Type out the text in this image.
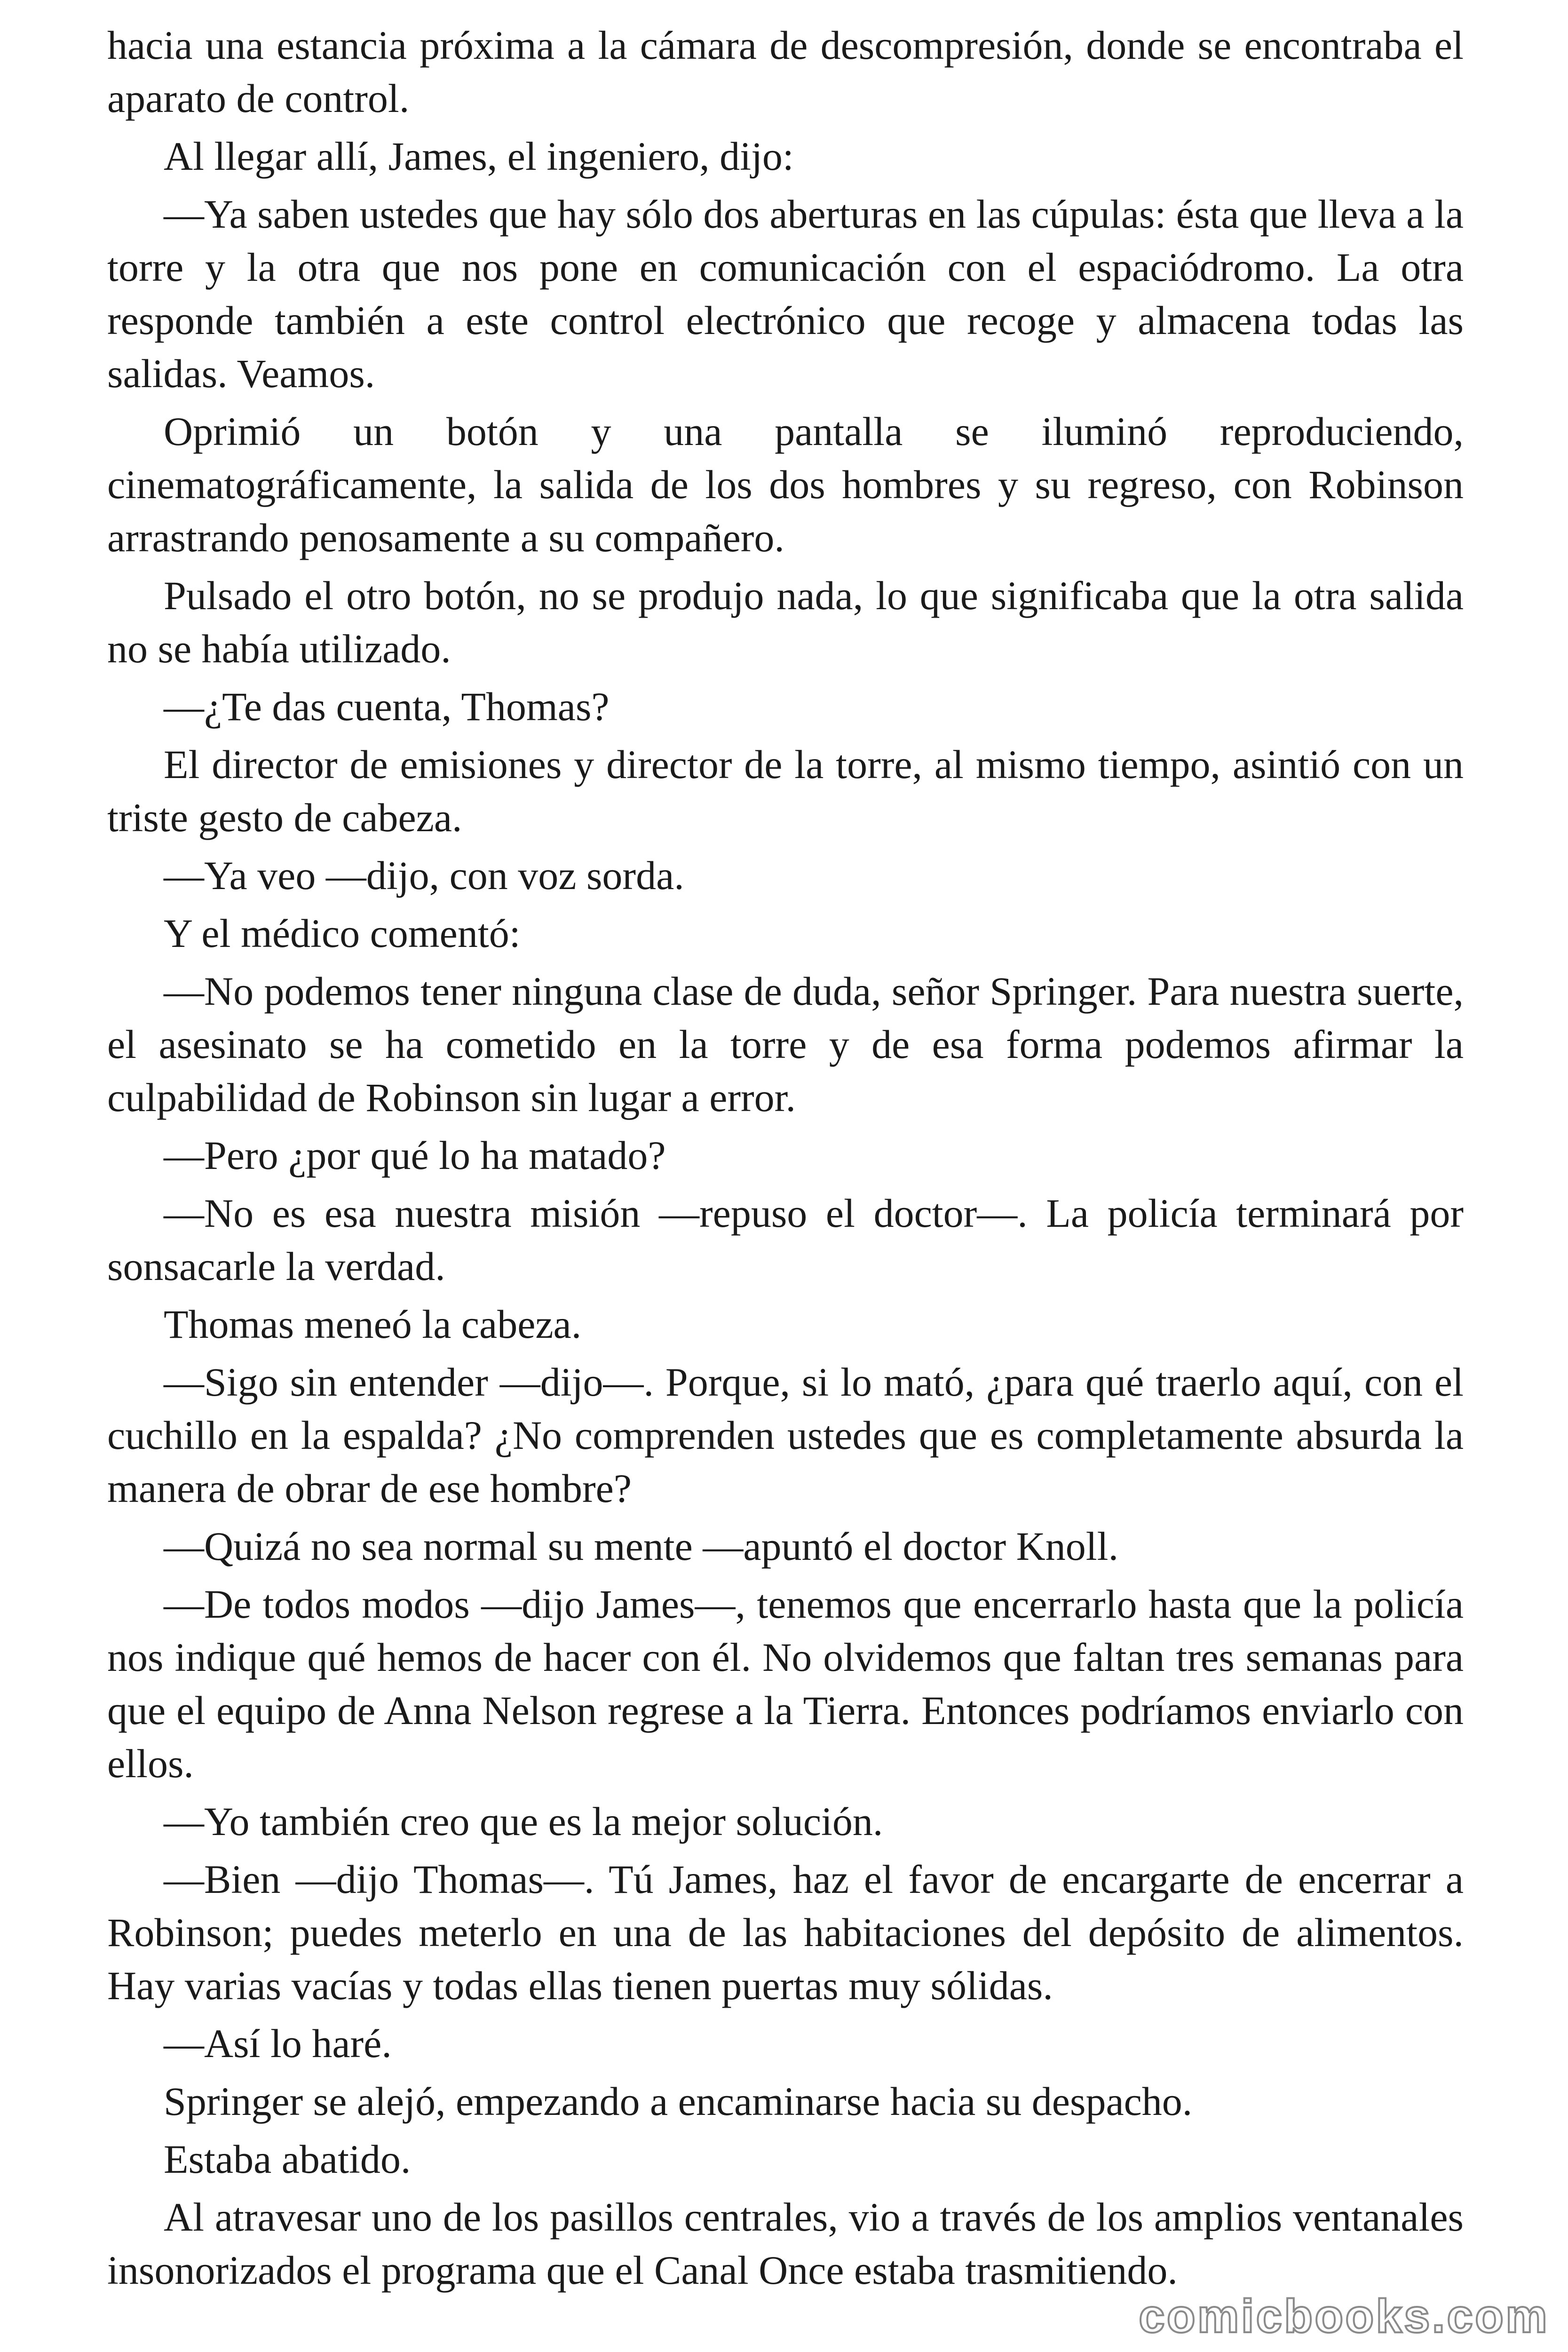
hacia una estancia próxima a la cámara de descompresión, donde se encontraba el aparato de control.

Al llegar allí, James, el ingeniero, dijo:

—Ya saben ustedes que hay sólo dos aberturas en las cúpulas: ésta que lleva a la torre y la otra que nos pone en comunicación con el espaciódromo. La otra responde también a este control electrónico que recoge y almacena todas las salidas. Veamos.

Oprimió un botón y una pantalla se iluminó reproduciendo, cinematográficamente, la salida de los dos hombres y su regreso, con Robinson arrastrando penosamente a su compañero.

Pulsado el otro botón, no se produjo nada, lo que significaba que la otra salida no se había utilizado.

—¿Te das cuenta, Thomas?

El director de emisiones y director de la torre, al mismo tiempo, asintió con un triste gesto de cabeza.

—Ya veo —dijo, con voz sorda.

Y el médico comentó:

—No podemos tener ninguna clase de duda, señor Springer. Para nuestra suerte, el asesinato se ha cometido en la torre y de esa forma podemos afirmar la culpabilidad de Robinson sin lugar a error.

—Pero ¿por qué lo ha matado?

—No es esa nuestra misión —repuso el doctor—. La policía terminará por sonsacarle la verdad.

Thomas meneó la cabeza.

—Sigo sin entender —dijo—. Porque, si lo mató, ¿para qué traerlo aquí, con el cuchillo en la espalda? ¿No comprenden ustedes que es completamente absurda la manera de obrar de ese hombre?

—Quizá no sea normal su mente —apuntó el doctor Knoll.

—De todos modos —dijo James—, tenemos que encerrarlo hasta que la policía nos indique qué hemos de hacer con él. No olvidemos que faltan tres semanas para que el equipo de Anna Nelson regrese a la Tierra. Entonces podríamos enviarlo con ellos.

—Yo también creo que es la mejor solución.

—Bien —dijo Thomas—. Tú James, haz el favor de encargarte de encerrar a Robinson; puedes meterlo en una de las habitaciones del depósito de alimentos. Hay varias vacías y todas ellas tienen puertas muy sólidas.

—Así lo haré.

Springer se alejó, empezando a encaminarse hacia su despacho.

Estaba abatido.

Al atravesar uno de los pasillos centrales, vio a través de los amplios ventanales insonorizados el programa que el Canal Once estaba trasmitiendo.

comicbooks.com
